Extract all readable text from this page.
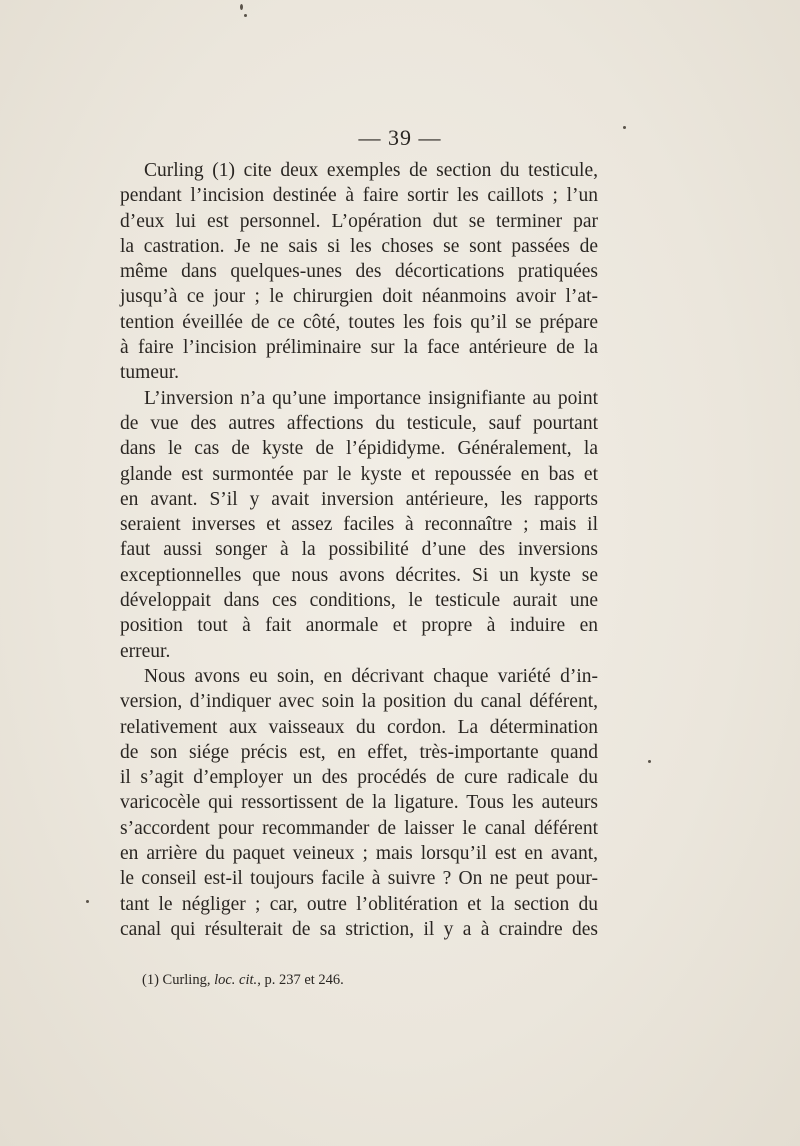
— 39 —
Curling (1) cite deux exemples de section du testicule,
pendant l’incision destinée à faire sortir les caillots ; l’un
d’eux lui est personnel. L’opération dut se terminer par
la castration. Je ne sais si les choses se sont passées de
même dans quelques-unes des décortications pratiquées
jusqu’à ce jour ; le chirurgien doit néanmoins avoir l’at-
tention éveillée de ce côté, toutes les fois qu’il se prépare
à faire l’incision préliminaire sur la face antérieure de la
tumeur.
L’inversion n’a qu’une importance insignifiante au point
de vue des autres affections du testicule, sauf pourtant
dans le cas de kyste de l’épididyme. Généralement, la
glande est surmontée par le kyste et repoussée en bas et
en avant. S’il y avait inversion antérieure, les rapports
seraient inverses et assez faciles à reconnaître ; mais il
faut aussi songer à la possibilité d’une des inversions
exceptionnelles que nous avons décrites. Si un kyste se
développait dans ces conditions, le testicule aurait une
position tout à fait anormale et propre à induire en
erreur.
Nous avons eu soin, en décrivant chaque variété d’in-
version, d’indiquer avec soin la position du canal déférent,
relativement aux vaisseaux du cordon. La détermination
de son siége précis est, en effet, très-importante quand
il s’agit d’employer un des procédés de cure radicale du
varicocèle qui ressortissent de la ligature. Tous les auteurs
s’accordent pour recommander de laisser le canal déférent
en arrière du paquet veineux ; mais lorsqu’il est en avant,
le conseil est-il toujours facile à suivre ? On ne peut pour-
tant le négliger ; car, outre l’oblitération et la section du
canal qui résulterait de sa striction, il y a à craindre des
(1) Curling, loc. cit., p. 237 et 246.
